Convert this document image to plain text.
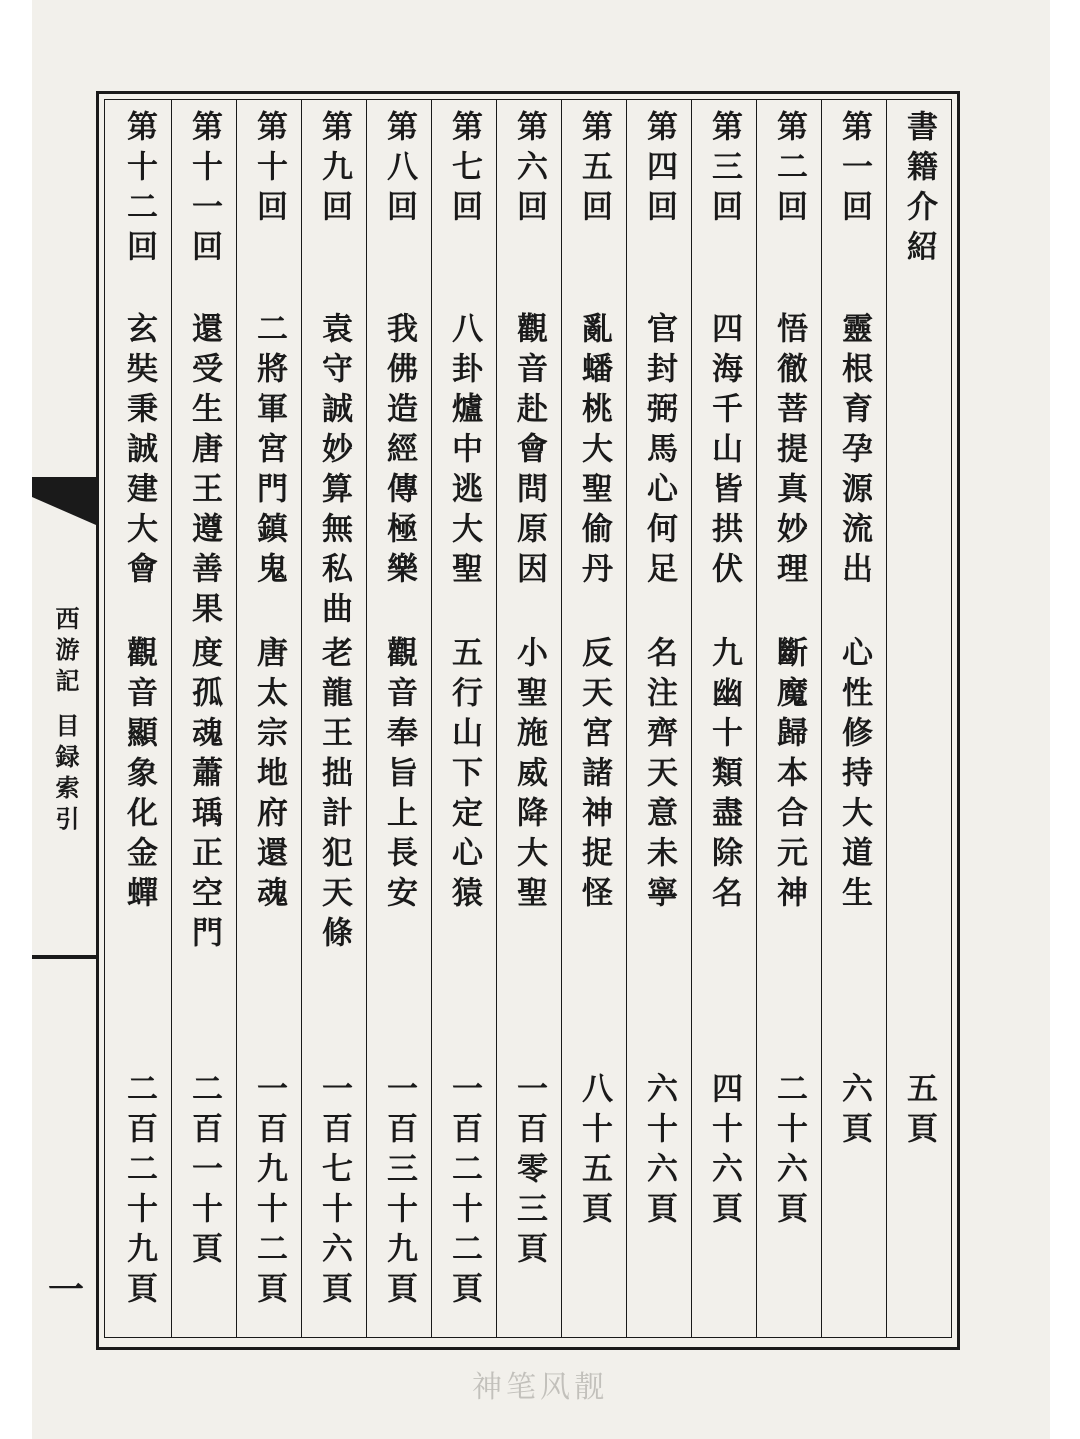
西游記目録索引
一
書籍介紹
五頁
第一回
靈根育孕源流出
心性修持大道生
六頁
第二回
悟徹菩提真妙理
斷魔歸本合元神
二十六頁
第三回
四海千山皆拱伏
九幽十類盡除名
四十六頁
第四回
官封弼馬心何足
名注齊天意未寧
六十六頁
第五回
亂蟠桃大聖偷丹
反天宮諸神捉怪
八十五頁
第六回
觀音赴會問原因
小聖施威降大聖
一百零三頁
第七回
八卦爐中逃大聖
五行山下定心猿
一百二十二頁
第八回
我佛造經傳極樂
觀音奉旨上長安
一百三十九頁
第九回
袁守誠妙算無私曲
老龍王拙計犯天條
一百七十六頁
第十回
二將軍宮門鎮鬼
唐太宗地府還魂
一百九十二頁
第十一回
還受生唐王遵善果
度孤魂蕭瑀正空門
二百一十頁
第十二回
玄奘秉誠建大會
觀音顯象化金蟬
二百二十九頁
神笔风靓
